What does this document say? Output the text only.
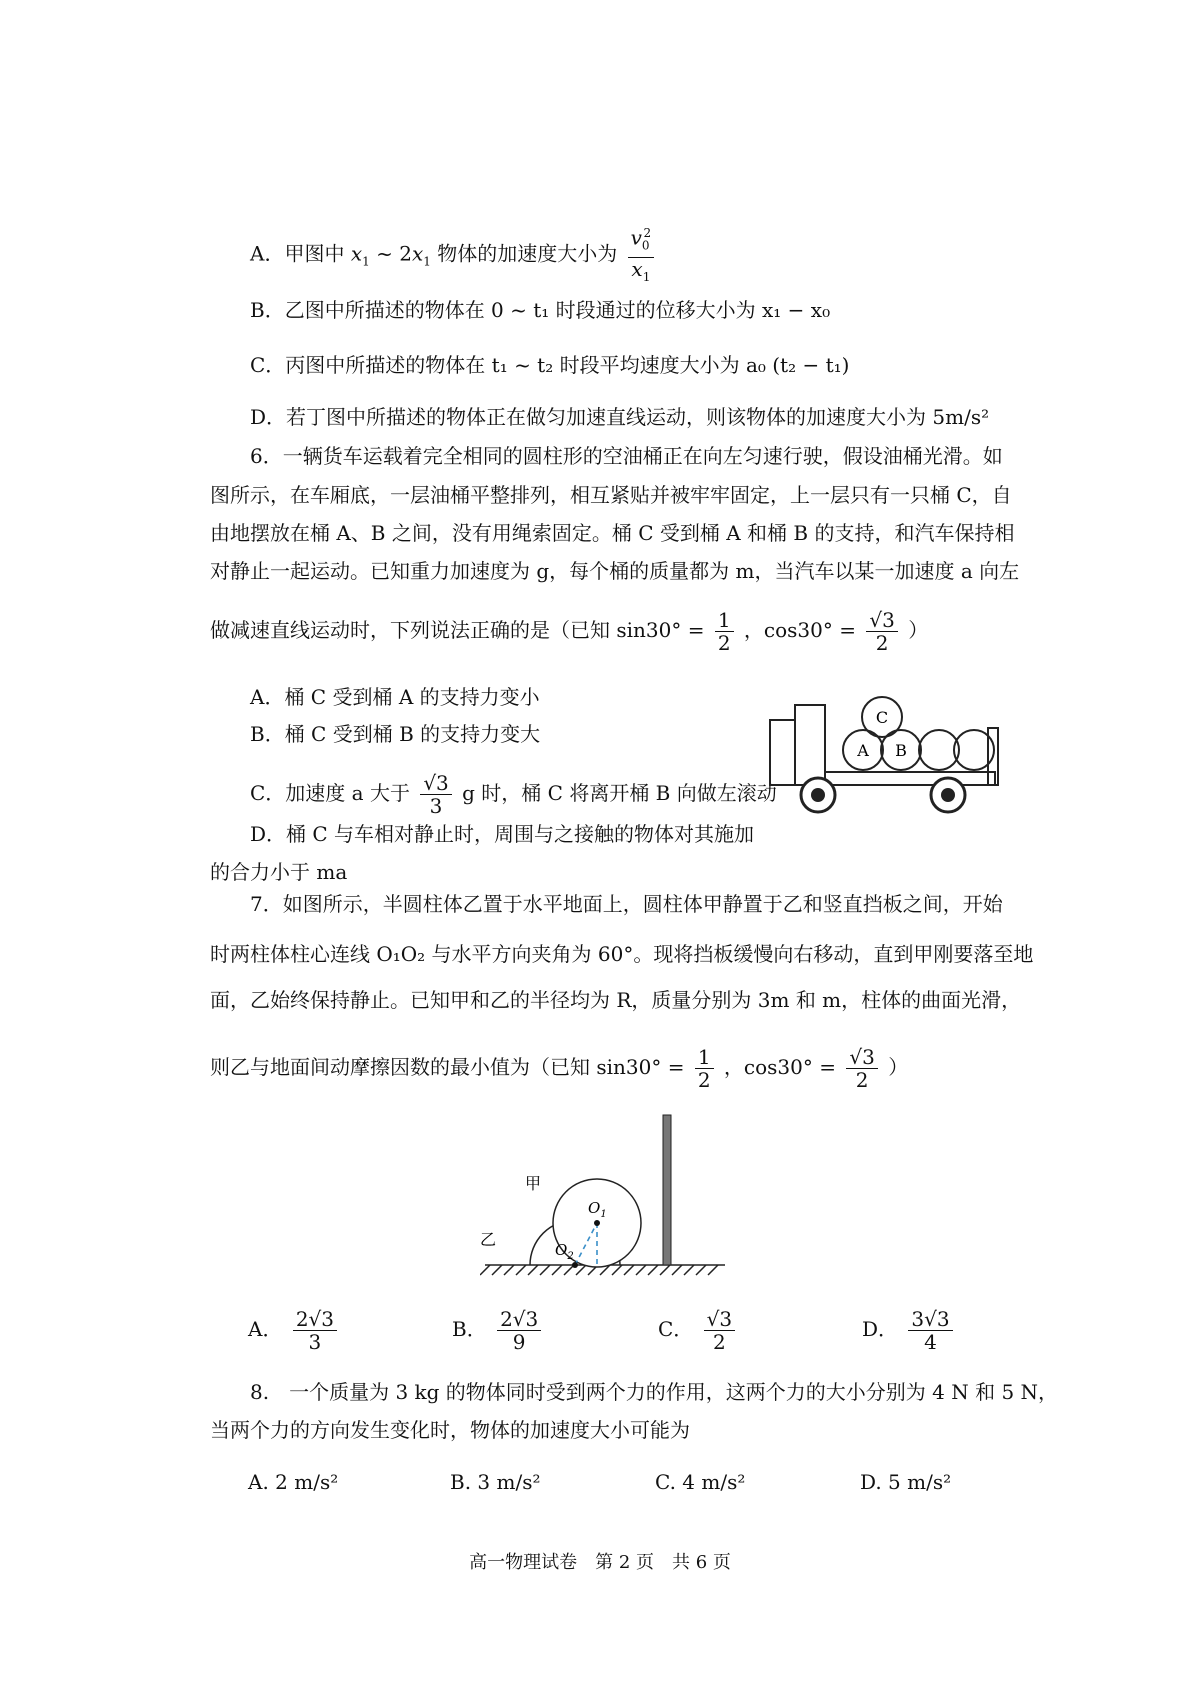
A．甲图中 $x_1$ ~ $2x_1$ 物体的加速度大小为 $\frac{v_0^2}{x_1}$
B．乙图中所描述的物体在 0 ~ t₁ 时段通过的位移大小为 x₁ − x₀
C．丙图中所描述的物体在 t₁ ~ t₂ 时段平均速度大小为 a₀ (t₂ − t₁)
D．若丁图中所描述的物体正在做匀加速直线运动，则该物体的加速度大小为 5m/s²
6．一辆货车运载着完全相同的圆柱形的空油桶正在向左匀速行驶，假设油桶光滑。如
图所示，在车厢底，一层油桶平整排列，相互紧贴并被牢牢固定，上一层只有一只桶 C，自
由地摆放在桶 A、B 之间，没有用绳索固定。桶 C 受到桶 A 和桶 B 的支持，和汽车保持相
对静止一起运动。已知重力加速度为 g，每个桶的质量都为 m，当汽车以某一加速度 a 向左
做减速直线运动时，下列说法正确的是（已知 $\sin 30^\circ = \frac{1}{2}$ ，$\cos 30^\circ = \frac{√3}{2}$ ）
A．桶 C 受到桶 A 的支持力变小
B．桶 C 受到桶 B 的支持力变大
C．加速度 a 大于 $\frac{√3}{3}$ g 时，桶 C 将离开桶 B 向做左滚动
D．桶 C 与车相对静止时，周围与之接触的物体对其施加
的合力小于 ma
C
A B
7．如图所示，半圆柱体乙置于水平地面上，圆柱体甲静置于乙和竖直挡板之间，开始
时两柱体柱心连线 O₁O₂ 与水平方向夹角为 60°。现将挡板缓慢向右移动，直到甲刚要落至地
面，乙始终保持静止。已知甲和乙的半径均为 R，质量分别为 3m 和 m，柱体的曲面光滑，
则乙与地面间动摩擦因数的最小值为（已知 $\sin 30^\circ = \frac{1}{2}$ ，$\cos 30^\circ = \frac{√3}{2}$ ）
甲
乙
$O_1$
$O_2$
A． $\frac{2√3}{3}$	B． $\frac{2√3}{9}$	C． $\frac{√3}{2}$	D． $\frac{3√3}{4}$
8.　一个质量为 3 kg 的物体同时受到两个力的作用，这两个力的大小分别为 4 N 和 5 N，
当两个力的方向发生变化时，物体的加速度大小可能为
A. 2 m/s²	B. 3 m/s²	C. 4 m/s²	D. 5 m/s²
高一物理试卷　第 2 页　共 6 页
